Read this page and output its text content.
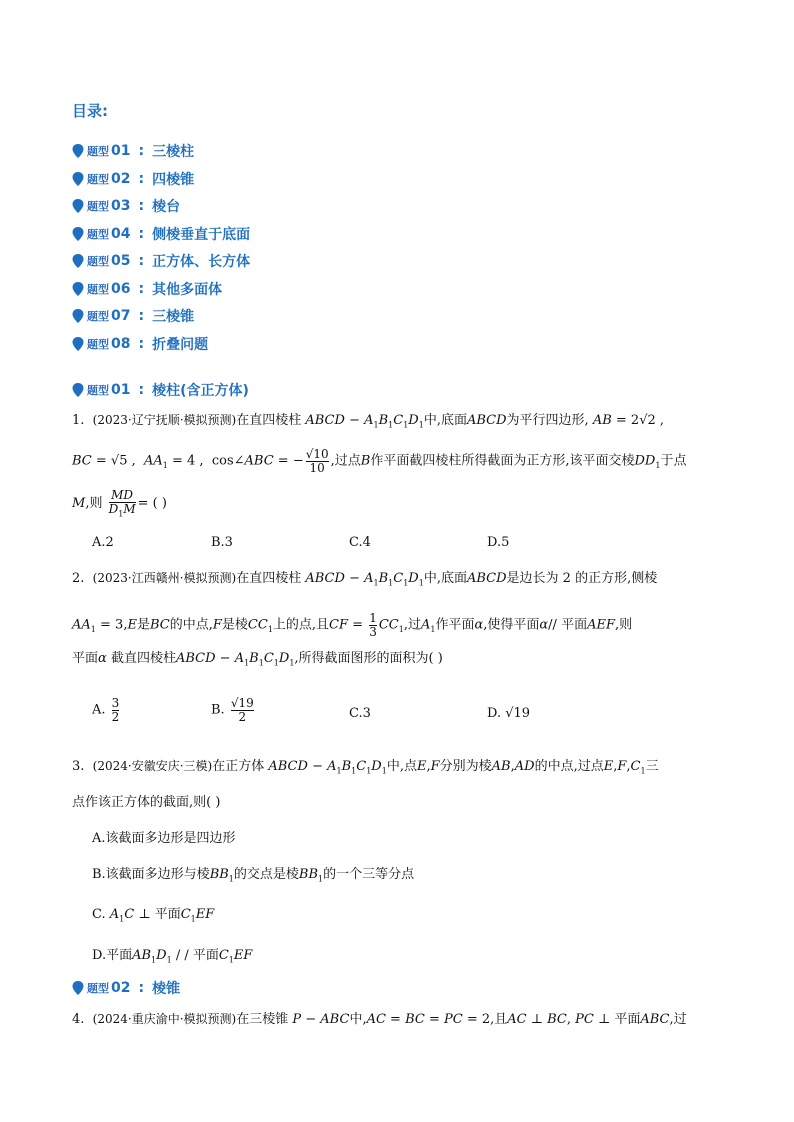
目录:
题型 01 : 三棱柱
题型 02 : 四棱锥
题型 03 : 棱台
题型 04 : 侧棱垂直于底面
题型 05 : 正方体、长方体
题型 06 : 其他多面体
题型 07 : 三棱锥
题型 08 : 折叠问题
题型 01 : 棱柱(含正方体)
1. (2023·辽宁抚顺·模拟预测)在直四棱柱 ABCD − $A_1B_1C_1D_1$中,底面ABCD为平行四边形, AB = 2√2 ,
BC = √5 ,  $AA_1 = 4$ ,  cos∠ABC = − $\frac{√10}{10}$ ,过点B作平面截四棱柱所得截面为正方形,该平面交棱$DD_1$于点
M,则 $\frac{MD}{D_1M}$ = ( )
A.2	B.3	C.4	D.5
2. (2023·江西赣州·模拟预测)在直四棱柱 ABCD − $A_1B_1C_1D_1$中,底面ABCD是边长为 2 的正方形,侧棱
$AA_1 = 3,E$是BC的中点,F是棱$CC_1$上的点,且CF = $\frac{1}{3} CC_1$,过$A_1$作平面α,使得平面α// 平面AEF,则
平面α 截直四棱柱ABCD − $A_1B_1C_1D_1$,所得截面图形的面积为( )
A. $\frac{3}{2}$	B. $\frac{√19}{2}$	C.3	D. √19
3. (2024·安徽安庆·三模)在正方体 ABCD − $A_1B_1C_1D_1$中,点E,F分别为棱AB,AD的中点,过点$E,F,C_1$三
点作该正方体的截面,则( )
A.该截面多边形是四边形
B.该截面多边形与棱$BB_1$的交点是棱$BB_1$的一个三等分点
C. $A_1C$ ⊥ 平面$C_1EF$
D.平面$AB_1D_1$ / / 平面$C_1EF$
题型 02 : 棱锥
4. (2024·重庆渝中·模拟预测)在三棱锥 P − ABC中,AC = BC = PC = 2,且AC ⊥ BC, PC ⊥ 平面ABC,过
